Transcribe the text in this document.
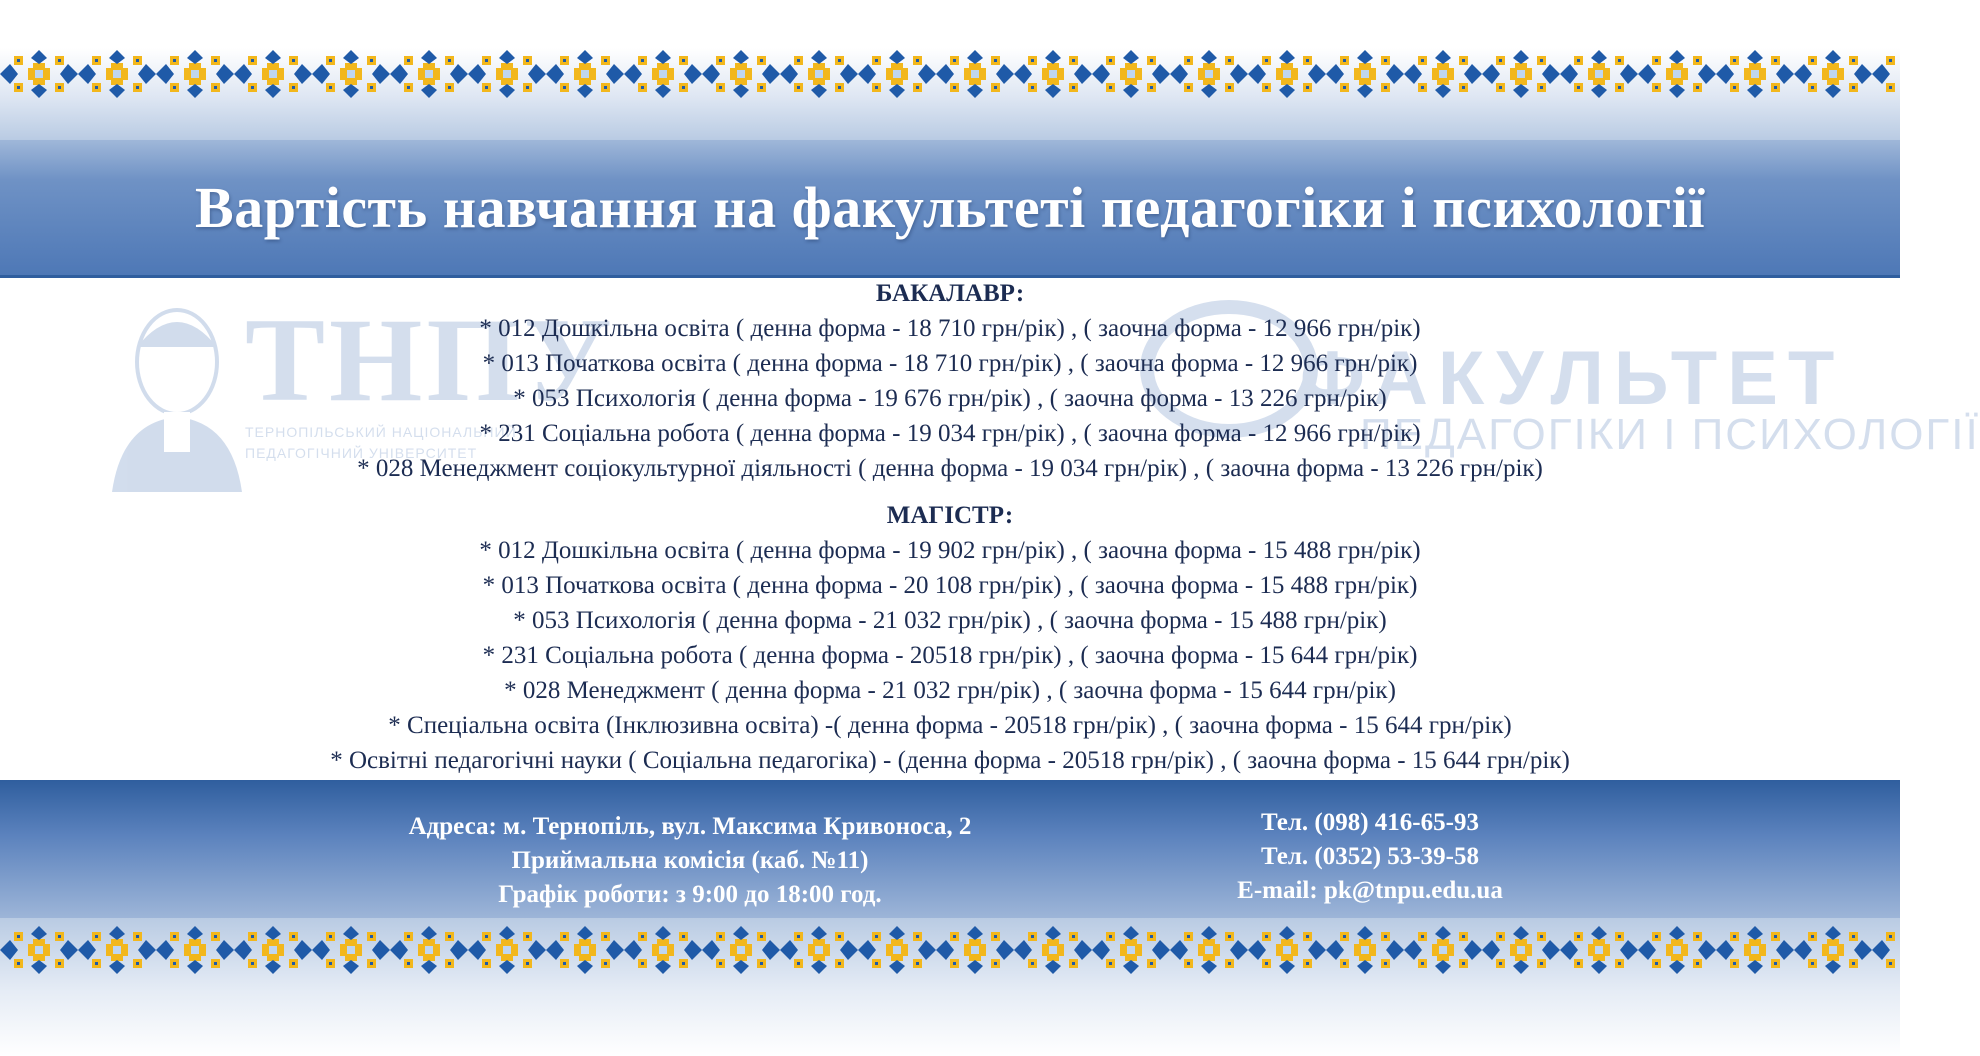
Вартість навчання на факультеті педагогіки і психології
ТНПУ
ТЕРНОПІЛЬСЬКИЙ НАЦІОНАЛЬНИЙ
ПЕДАГОГІЧНИЙ УНІВЕРСИТЕТ
ФАКУЛЬТЕТ
ПЕДАГОГІКИ І ПСИХОЛОГІЇ

БАКАЛАВР:

* 012 Дошкільна освіта ( денна форма - 18 710 грн/рік) , ( заочна форма - 12 966 грн/рік)

* 013 Початкова освіта ( денна форма - 18 710 грн/рік) , ( заочна форма - 12 966 грн/рік)

* 053 Психологія ( денна форма - 19 676 грн/рік) , ( заочна форма - 13 226 грн/рік)

* 231 Соціальна робота ( денна форма - 19 034 грн/рік) , ( заочна форма - 12 966 грн/рік)

* 028 Менеджмент соціокультурної діяльності ( денна форма - 19 034 грн/рік) , ( заочна форма - 13 226 грн/рік)

МАГІСТР:

* 012 Дошкільна освіта ( денна форма - 19 902 грн/рік) , ( заочна форма - 15 488 грн/рік)

* 013 Початкова освіта ( денна форма - 20 108 грн/рік) , ( заочна форма - 15 488 грн/рік)

* 053 Психологія ( денна форма - 21 032 грн/рік) , ( заочна форма - 15 488 грн/рік)

* 231 Соціальна робота ( денна форма - 20518 грн/рік) , ( заочна форма - 15 644 грн/рік)

* 028 Менеджмент ( денна форма - 21 032 грн/рік) , ( заочна форма - 15 644 грн/рік)

* Спеціальна освіта (Інклюзивна освіта) -( денна форма - 20518 грн/рік) , ( заочна форма - 15 644 грн/рік)

* Освітні педагогічні науки ( Соціальна педагогіка) - (денна форма - 20518 грн/рік) , ( заочна форма - 15 644 грн/рік)

Адреса: м. Тернопіль, вул. Максима Кривоноса, 2

Приймальна комісія (каб. №11)

Графік роботи: з 9:00 до 18:00 год.

Тел. (098) 416-65-93

Тел. (0352) 53-39-58

E-mail: pk@tnpu.edu.ua
